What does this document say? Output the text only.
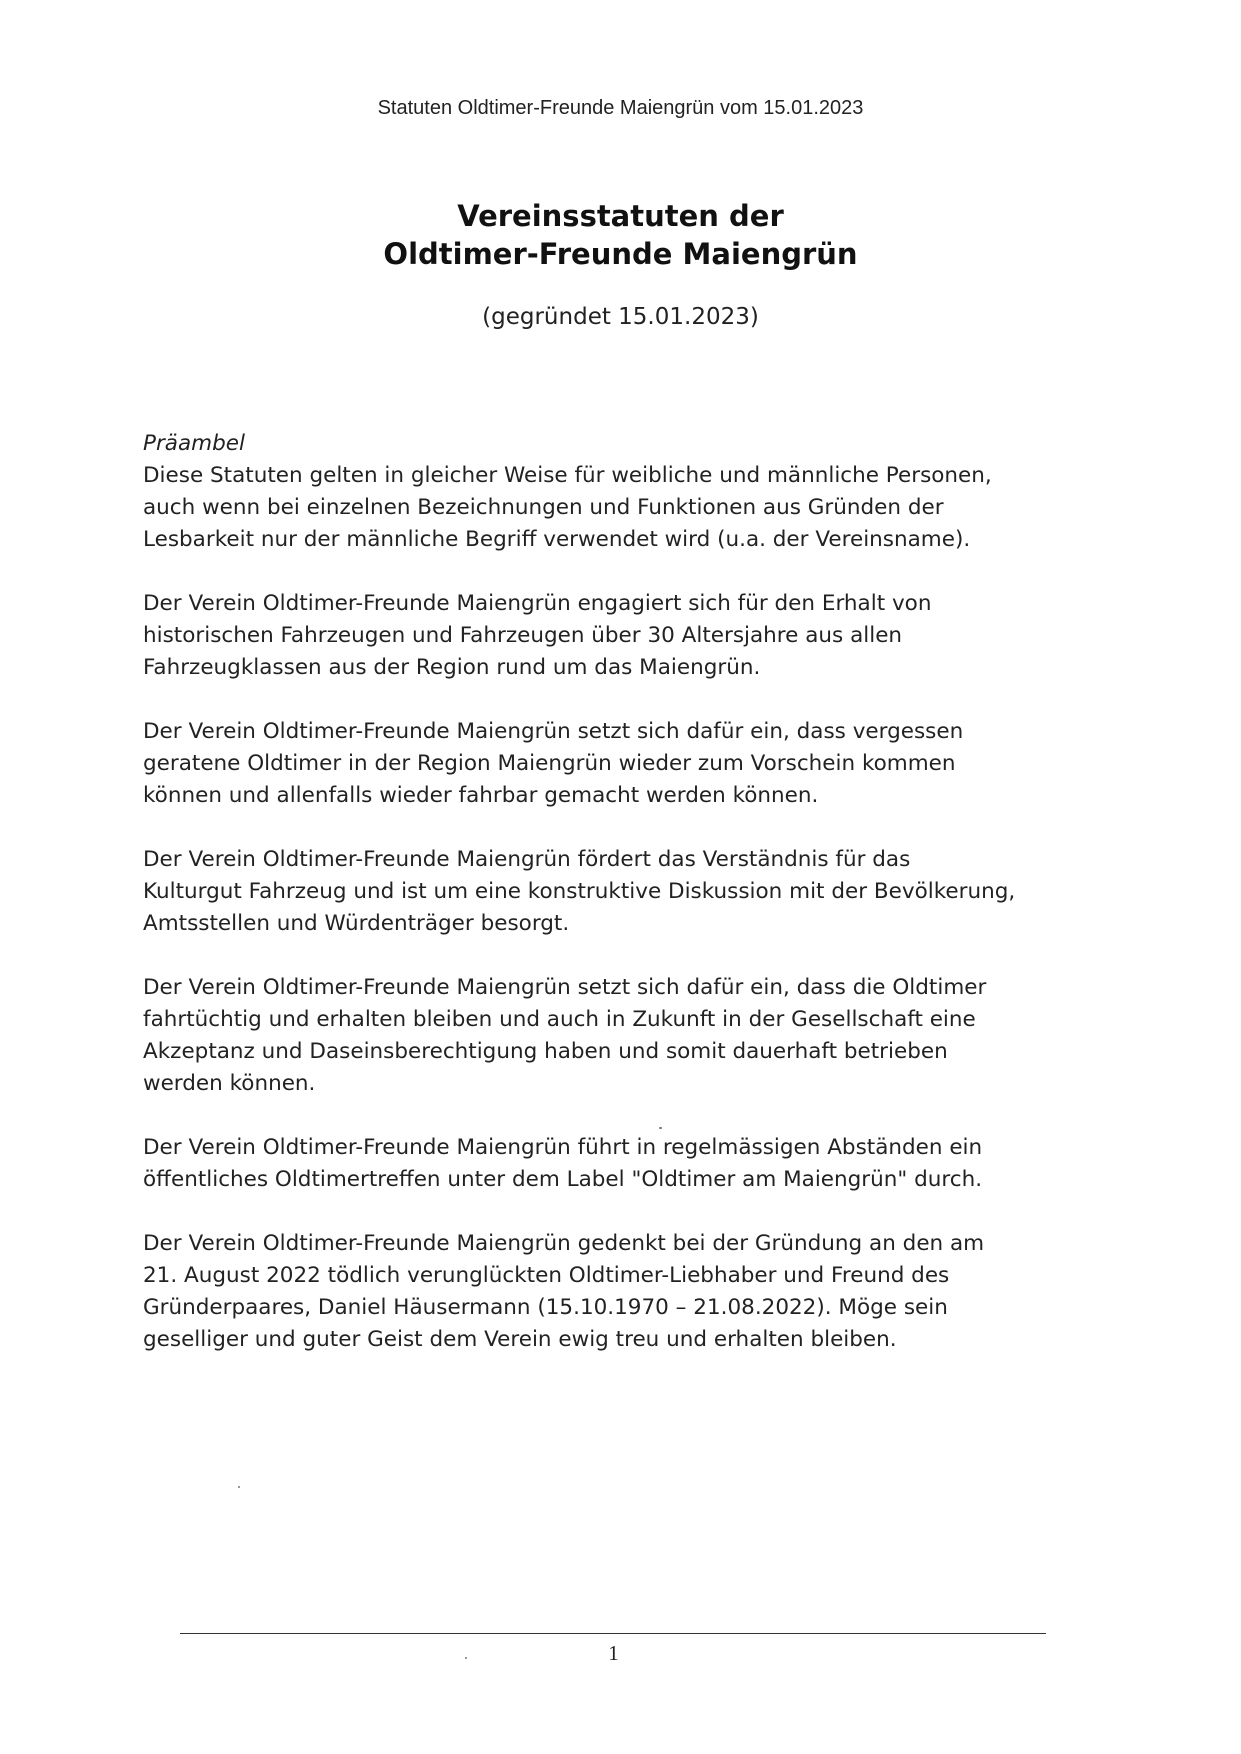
Statuten Oldtimer-Freunde Maiengrün vom 15.01.2023
Vereinsstatuten der
Oldtimer-Freunde Maiengrün
(gegründet 15.01.2023)
Präambel

Diese Statuten gelten in gleicher Weise für weibliche und männliche Personen,
auch wenn bei einzelnen Bezeichnungen und Funktionen aus Gründen der
Lesbarkeit nur der männliche Begriff verwendet wird (u.a. der Vereinsname).

Der Verein Oldtimer-Freunde Maiengrün engagiert sich für den Erhalt von
historischen Fahrzeugen und Fahrzeugen über 30 Altersjahre aus allen
Fahrzeugklassen aus der Region rund um das Maiengrün.

Der Verein Oldtimer-Freunde Maiengrün setzt sich dafür ein, dass vergessen
geratene Oldtimer in der Region Maiengrün wieder zum Vorschein kommen
können und allenfalls wieder fahrbar gemacht werden können.

Der Verein Oldtimer-Freunde Maiengrün fördert das Verständnis für das
Kulturgut Fahrzeug und ist um eine konstruktive Diskussion mit der Bevölkerung,
Amtsstellen und Würdenträger besorgt.

Der Verein Oldtimer-Freunde Maiengrün setzt sich dafür ein, dass die Oldtimer
fahrtüchtig und erhalten bleiben und auch in Zukunft in der Gesellschaft eine
Akzeptanz und Daseinsberechtigung haben und somit dauerhaft betrieben
werden können.

Der Verein Oldtimer-Freunde Maiengrün führt in regelmässigen Abständen ein
öffentliches Oldtimertreffen unter dem Label "Oldtimer am Maiengrün" durch.

Der Verein Oldtimer-Freunde Maiengrün gedenkt bei der Gründung an den am
21. August 2022 tödlich verunglückten Oldtimer-Liebhaber und Freund des
Gründerpaares, Daniel Häusermann (15.10.1970 – 21.08.2022). Möge sein
geselliger und guter Geist dem Verein ewig treu und erhalten bleiben.

1
